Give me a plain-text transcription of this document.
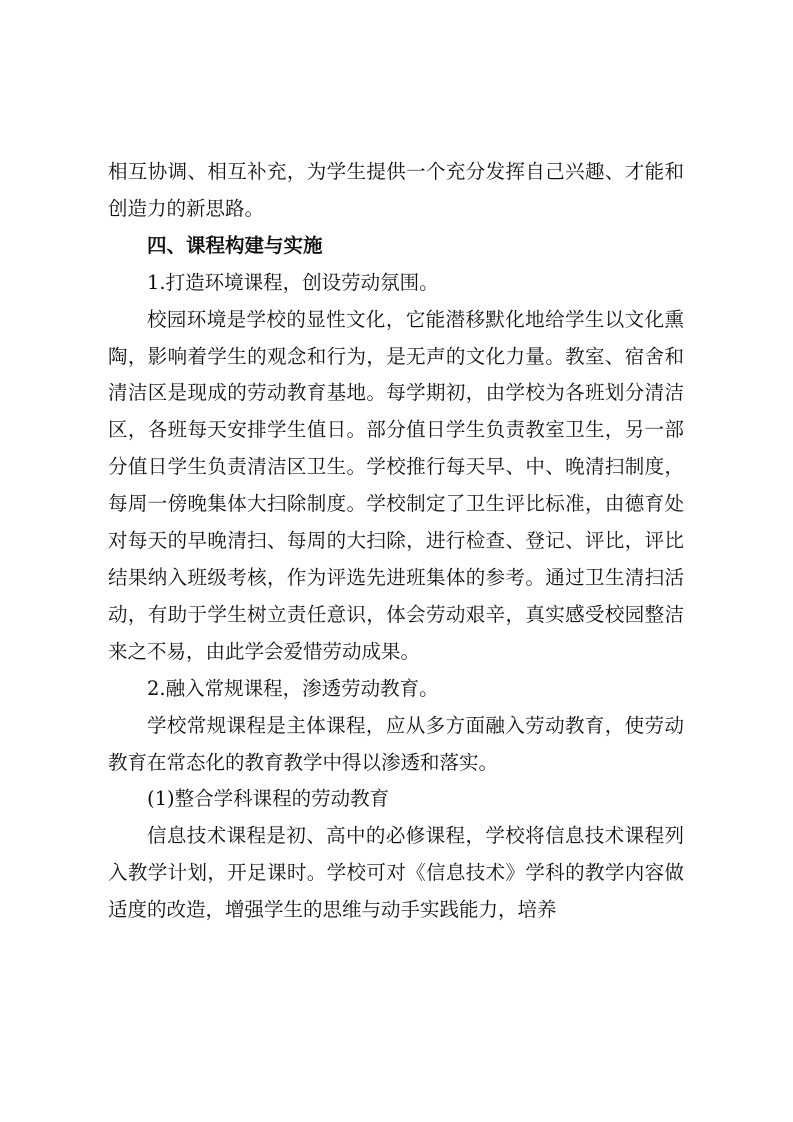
相互协调、相互补充，为学生提供一个充分发挥自己兴趣、才能和创造力的新思路。

四、课程构建与实施

1.打造环境课程，创设劳动氛围。

校园环境是学校的显性文化，它能潜移默化地给学生以文化熏陶，影响着学生的观念和行为，是无声的文化力量。教室、宿舍和清洁区是现成的劳动教育基地。每学期初，由学校为各班划分清洁区，各班每天安排学生值日。部分值日学生负责教室卫生，另一部分值日学生负责清洁区卫生。学校推行每天早、中、晚清扫制度，每周一傍晚集体大扫除制度。学校制定了卫生评比标准，由德育处对每天的早晚清扫、每周的大扫除，进行检查、登记、评比，评比结果纳入班级考核，作为评选先进班集体的参考。通过卫生清扫活动，有助于学生树立责任意识，体会劳动艰辛，真实感受校园整洁来之不易，由此学会爱惜劳动成果。

2.融入常规课程，渗透劳动教育。

学校常规课程是主体课程，应从多方面融入劳动教育，使劳动教育在常态化的教育教学中得以渗透和落实。

(1)整合学科课程的劳动教育

信息技术课程是初、高中的必修课程，学校将信息技术课程列入教学计划，开足课时。学校可对《信息技术》学科的教学内容做适度的改造，增强学生的思维与动手实践能力，培养
